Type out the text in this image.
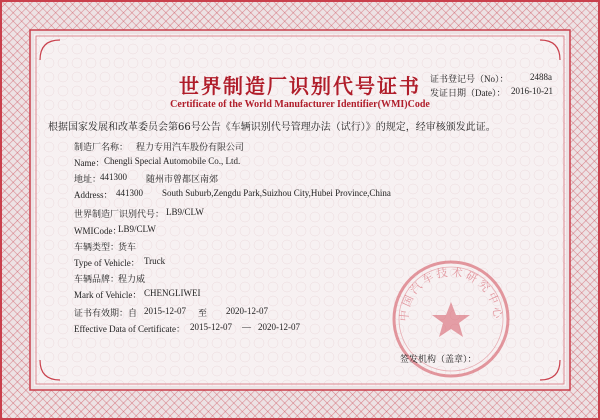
世界制造厂识别代号证书
Certificate of the World Manufacturer Identifier(WMI)Code
证书登记号（No）： 2488a
发证日期（Date）： 2016-10-21
根据国家发展和改革委员会第66号公告《车辆识别代号管理办法（试行）》的规定，经审核颁发此证。
制造厂名称： 程力专用汽车股份有限公司
Name： Chengli Special Automobile Co., Ltd.
地址：
441300 随州市曾都区南郊
Address： 441300 South Suburb,Zengdu Park,Suizhou City,Hubei Province,China
世界制造厂识别代号： LB9/CLW
WMICode：
LB9/CLW
车辆类型：
货车
Type of Vehicle： Truck
车辆品牌：
程力威
Mark of Vehicle： CHENGLIWEI
证书有效期： 自 2015-12-07 至 2020-12-07
Effective Data of Certificate： 2015-12-07 — 2020-12-07
中国汽车技术研究中心
签发机构（盖章）：
